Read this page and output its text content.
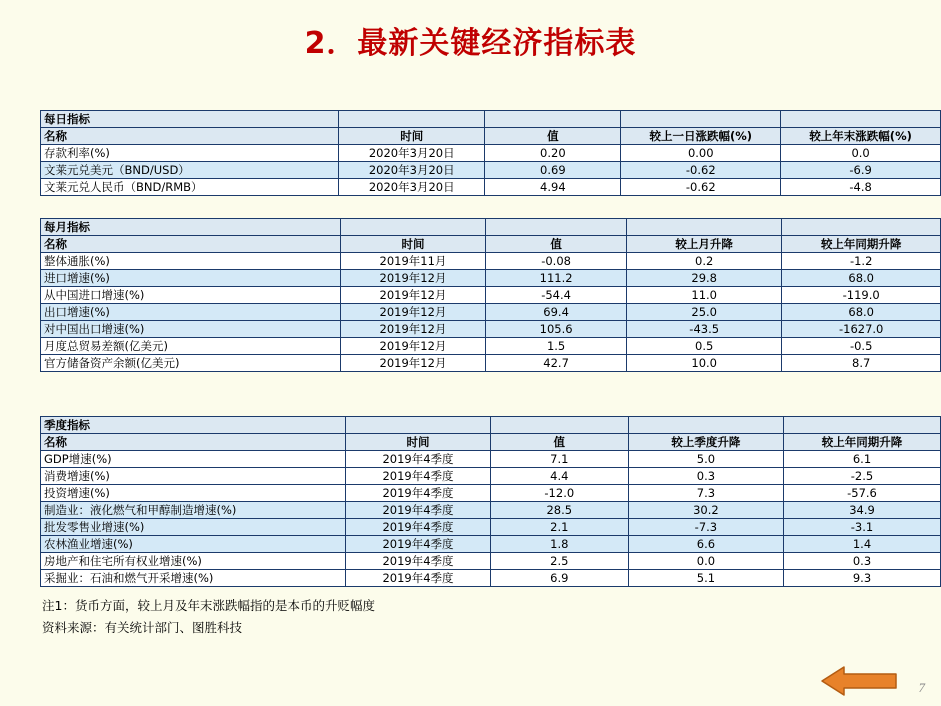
2．最新关键经济指标表
每日指标				
名称	时间	值	较上一日涨跌幅(%)	较上年末涨跌幅(%)
存款利率(%)	2020年3月20日	0.20	0.00	0.0
文莱元兑美元（BND/USD）	2020年3月20日	0.69	-0.62	-6.9
文莱元兑人民币（BND/RMB）	2020年3月20日	4.94	-0.62	-4.8
每月指标				
名称	时间	值	较上月升降	较上年同期升降
整体通胀(%)	2019年11月	-0.08	0.2	-1.2
进口增速(%)	2019年12月	111.2	29.8	68.0
从中国进口增速(%)	2019年12月	-54.4	11.0	-119.0
出口增速(%)	2019年12月	69.4	25.0	68.0
对中国出口增速(%)	2019年12月	105.6	-43.5	-1627.0
月度总贸易差额(亿美元)	2019年12月	1.5	0.5	-0.5
官方储备资产余额(亿美元)	2019年12月	42.7	10.0	8.7
季度指标				
名称	时间	值	较上季度升降	较上年同期升降
GDP增速(%)	2019年4季度	7.1	5.0	6.1
消费增速(%)	2019年4季度	4.4	0.3	-2.5
投资增速(%)	2019年4季度	-12.0	7.3	-57.6
制造业：液化燃气和甲醇制造增速(%)	2019年4季度	28.5	30.2	34.9
批发零售业增速(%)	2019年4季度	2.1	-7.3	-3.1
农林渔业增速(%)	2019年4季度	1.8	6.6	1.4
房地产和住宅所有权业增速(%)	2019年4季度	2.5	0.0	0.3
采掘业：石油和燃气开采增速(%)	2019年4季度	6.9	5.1	9.3
注1：货币方面，较上月及年末涨跌幅指的是本币的升贬幅度
资料来源：有关统计部门、图胜科技
7
